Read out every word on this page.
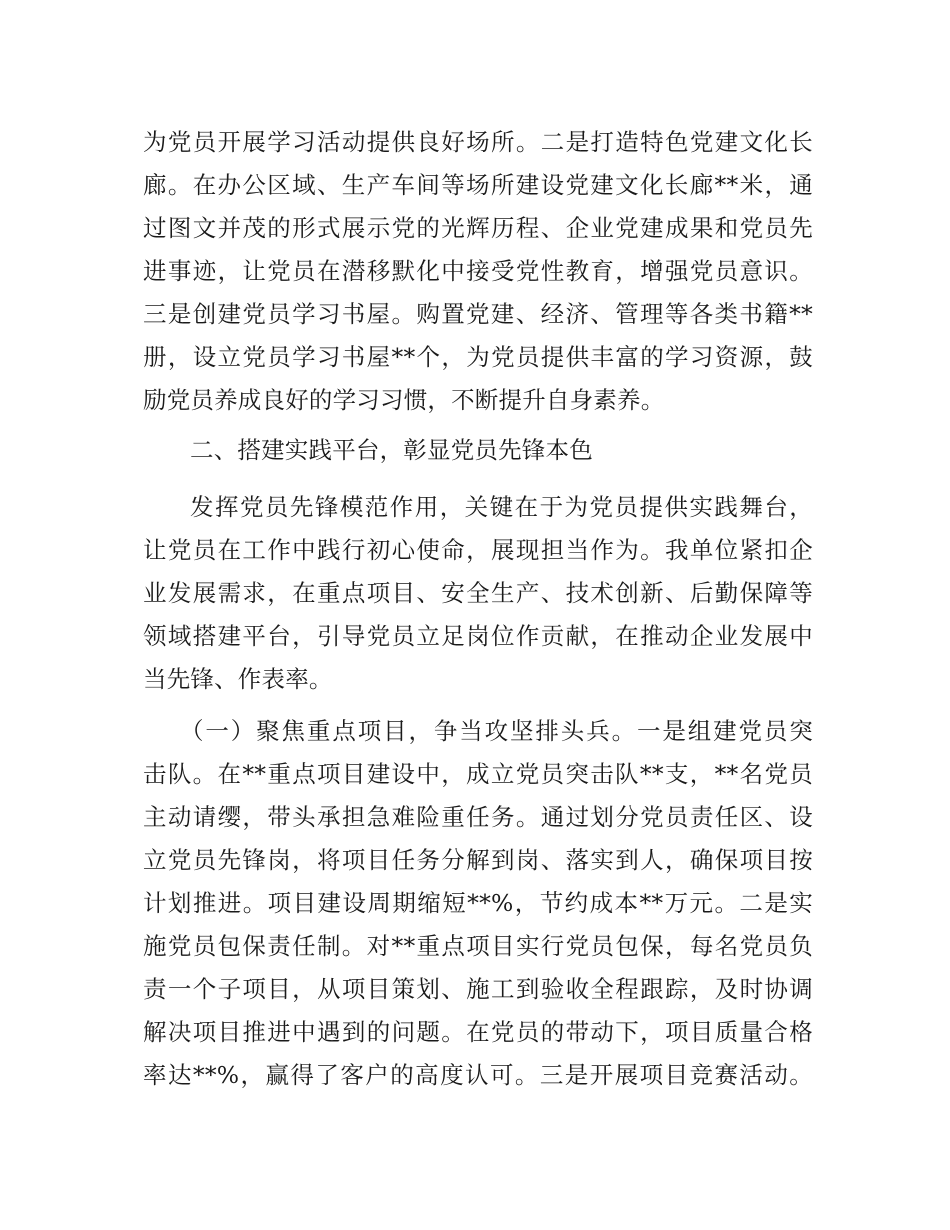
为党员开展学习活动提供良好场所。二是打造特色党建文化长
廊。在办公区域、生产车间等场所建设党建文化长廊**米，通
过图文并茂的形式展示党的光辉历程、企业党建成果和党员先
进事迹，让党员在潜移默化中接受党性教育，增强党员意识。
三是创建党员学习书屋。购置党建、经济、管理等各类书籍**
册，设立党员学习书屋**个，为党员提供丰富的学习资源，鼓
励党员养成良好的学习习惯，不断提升自身素养。
二、搭建实践平台，彰显党员先锋本色
发挥党员先锋模范作用，关键在于为党员提供实践舞台，
让党员在工作中践行初心使命，展现担当作为。我单位紧扣企
业发展需求，在重点项目、安全生产、技术创新、后勤保障等
领域搭建平台，引导党员立足岗位作贡献，在推动企业发展中
当先锋、作表率。
（一）聚焦重点项目，争当攻坚排头兵。一是组建党员突
击队。在**重点项目建设中，成立党员突击队**支，**名党员
主动请缨，带头承担急难险重任务。通过划分党员责任区、设
立党员先锋岗，将项目任务分解到岗、落实到人，确保项目按
计划推进。项目建设周期缩短**%，节约成本**万元。二是实
施党员包保责任制。对**重点项目实行党员包保，每名党员负
责一个子项目，从项目策划、施工到验收全程跟踪，及时协调
解决项目推进中遇到的问题。在党员的带动下，项目质量合格
率达**%，赢得了客户的高度认可。三是开展项目竞赛活动。
